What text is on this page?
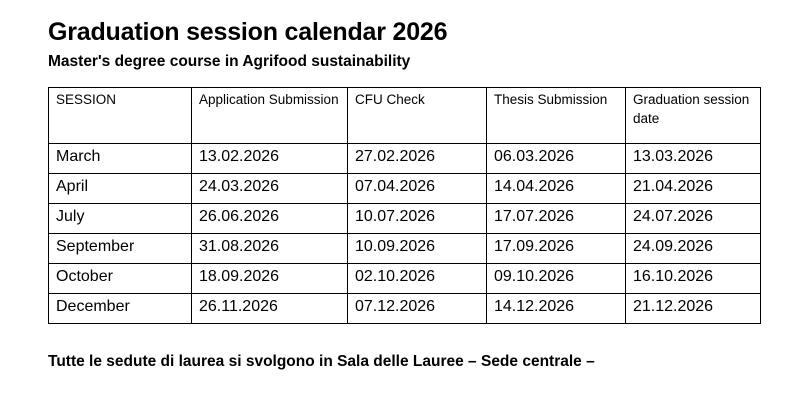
Graduation session calendar 2026
Master's degree course in Agrifood sustainability
SESSION	Application Submission	CFU Check	Thesis Submission	Graduation session date
March	13.02.2026	27.02.2026	06.03.2026	13.03.2026
April	24.03.2026	07.04.2026	14.04.2026	21.04.2026
July	26.06.2026	10.07.2026	17.07.2026	24.07.2026
September	31.08.2026	10.09.2026	17.09.2026	24.09.2026
October	18.09.2026	02.10.2026	09.10.2026	16.10.2026
December	26.11.2026	07.12.2026	14.12.2026	21.12.2026

Tutte le sedute di laurea si svolgono in Sala delle Lauree – Sede centrale –
